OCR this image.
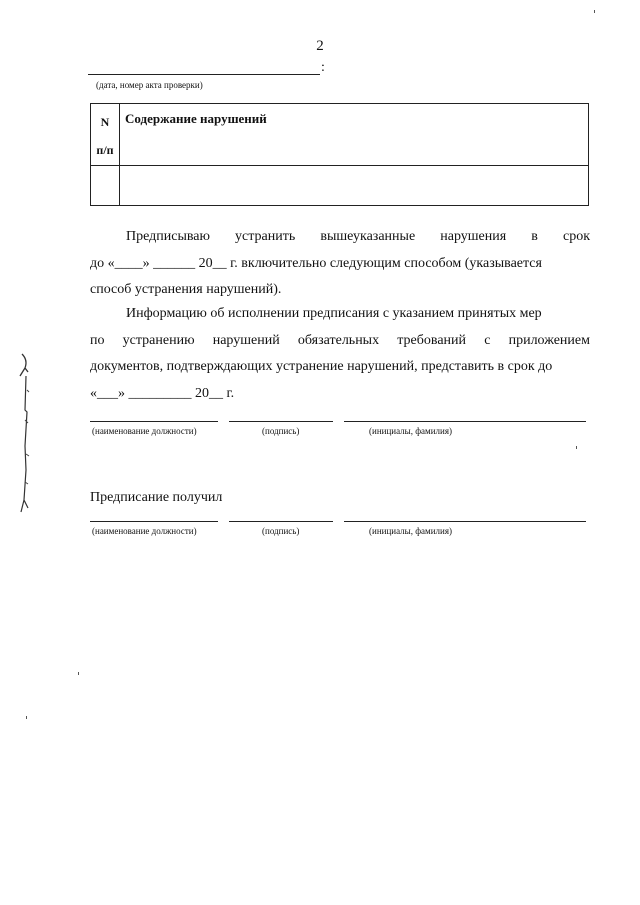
2
:
(дата, номер акта проверки)
N
п/п	Содержание нарушений

Предписываю устранить вышеуказанные нарушения в срок
до «____» ______ 20__ г. включительно следующим способом (указывается
способ устранения нарушений).
Информацию об исполнении предписания с указанием принятых мер
по устранению нарушений обязательных требований с приложением
документов, подтверждающих устранение нарушений, представить в срок до
«___» _________ 20__ г.
(наименование должности)	(подпись)	(инициалы, фамилия)
Предписание получил
(наименование должности)	(подпись)	(инициалы, фамилия)
